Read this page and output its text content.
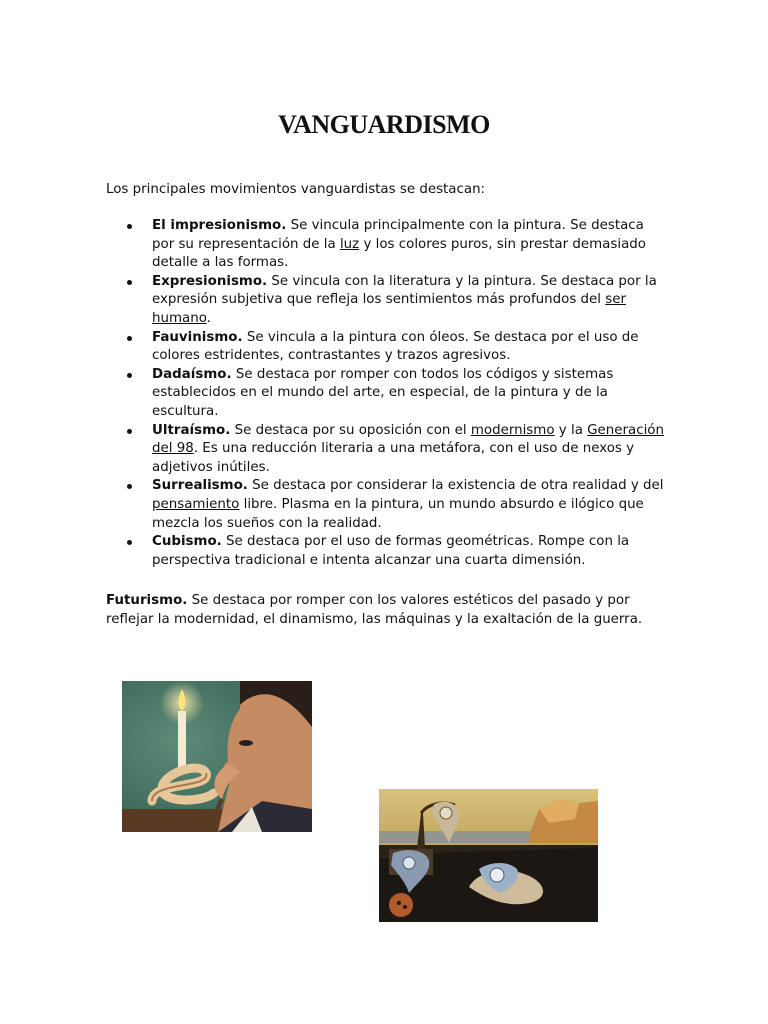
VANGUARDISMO
Los principales movimientos vanguardistas se destacan:
El impresionismo. Se vincula principalmente con la pintura. Se destaca por su representación de la luz y los colores puros, sin prestar demasiado detalle a las formas.
Expresionismo. Se vincula con la literatura y la pintura. Se destaca por la expresión subjetiva que refleja los sentimientos más profundos del ser humano.
Fauvinismo. Se vincula a la pintura con óleos. Se destaca por el uso de colores estridentes, contrastantes y trazos agresivos.
Dadaísmo. Se destaca por romper con todos los códigos y sistemas establecidos en el mundo del arte, en especial, de la pintura y de la escultura.
Ultraísmo. Se destaca por su oposición con el modernismo y la Generación del 98. Es una reducción literaria a una metáfora, con el uso de nexos y adjetivos inútiles.
Surrealismo. Se destaca por considerar la existencia de otra realidad y del pensamiento libre. Plasma en la pintura, un mundo absurdo e ilógico que mezcla los sueños con la realidad.
Cubismo. Se destaca por el uso de formas geométricas. Rompe con la perspectiva tradicional e intenta alcanzar una cuarta dimensión.
Futurismo. Se destaca por romper con los valores estéticos del pasado y por reflejar la modernidad, el dinamismo, las máquinas y la exaltación de la guerra.
